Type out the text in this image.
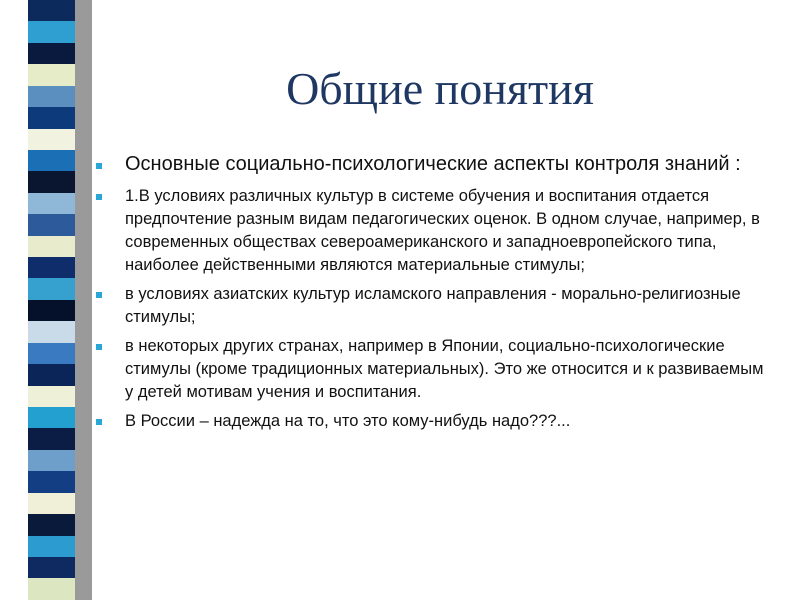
Общие понятия
Основные социально-психологические аспекты контроля знаний :
1.В условиях различных культур в системе обучения и воспитания отдается предпочтение разным видам педагогических оценок. В одном случае, например, в современных обществах североамериканского и западноевропейского типа, наиболее действенными являются материальные стимулы;
в условиях азиатских культур исламского направления - морально-религиозные стимулы;
в некоторых других странах, например в Японии, социально-психологические стимулы (кроме традиционных материальных). Это же относится и к развиваемым у детей мотивам учения и воспитания.
В России – надежда на то, что это кому-нибудь надо???...
